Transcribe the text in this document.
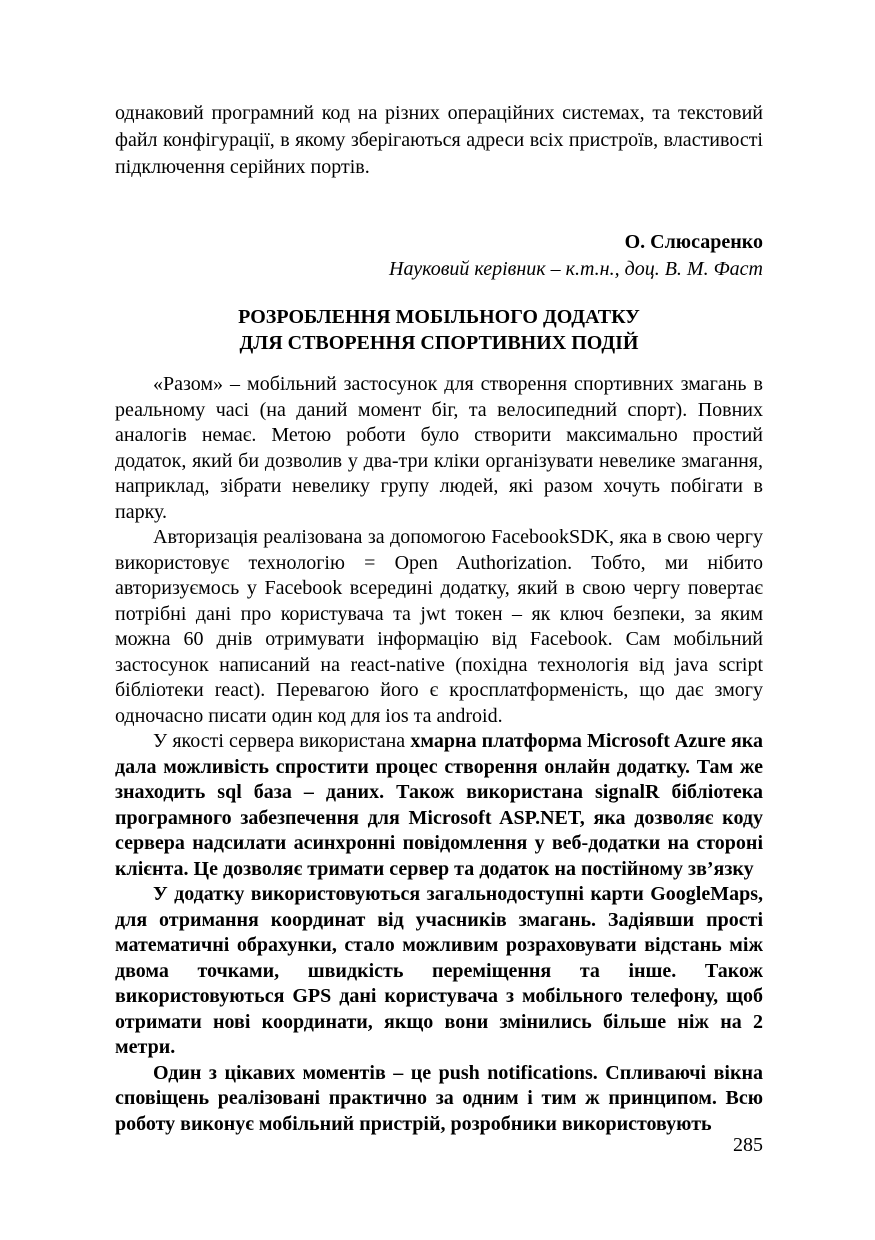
однаковий програмний код на різних операційних системах, та текстовий файл конфігурації, в якому зберігаються адреси всіх пристроїв, властивості підключення серійних портів.

О. Слюсаренко

Науковий керівник – к.т.н., доц. В. М. Фаст

РОЗРОБЛЕННЯ МОБІЛЬНОГО ДОДАТКУ
ДЛЯ СТВОРЕННЯ СПОРТИВНИХ ПОДІЙ

«Разом» – мобільний застосунок для створення спортивних змагань в реальному часі (на даний момент біг, та велосипедний спорт). Повних аналогів немає. Метою роботи було створити максимально простий додаток, який би дозволив у два-три кліки організувати невелике змагання, наприклад, зібрати невелику групу людей, які разом хочуть побігати в парку.

Авторизація реалізована за допомогою FacebookSDK, яка в свою чергу використовує технологію = Open Authorization. Тобто, ми нібито авторизуємось у Facebook всередині додатку, який в свою чергу повертає потрібні дані про користувача та jwt токен – як ключ безпеки, за яким можна 60 днів отримувати інформацію від Facebook. Сам мобільний застосунок написаний на react-native (похідна технологія від java script бібліотеки react). Перевагою його є кросплатформеність, що дає змогу одночасно писати один код для ios та android.

У якості сервера використана хмарна платформа Microsoft Azure яка дала можливість спростити процес створення онлайн додатку. Там же знаходить sql база – даних. Також використана signalR бібліотека програмного забезпечення для Microsoft ASP.NET, яка дозволяє коду сервера надсилати асинхронні повідомлення у веб-додатки на стороні клієнта. Це дозволяє тримати сервер та додаток на постійному зв’язку

У додатку використовуються загальнодоступні карти GoogleMaps, для отримання координат від учасників змагань. Задіявши прості математичні обрахунки, стало можливим розраховувати відстань між двома точками, швидкість переміщення та інше. Також використовуються GPS дані користувача з мобільного телефону, щоб отримати нові координати, якщо вони змінились більше ніж на 2 метри.

Один з цікавих моментів – це push notifications. Спливаючі вікна сповіщень реалізовані практично за одним і тим ж принципом. Всю роботу виконує мобільний пристрій, розробники використовують

285
